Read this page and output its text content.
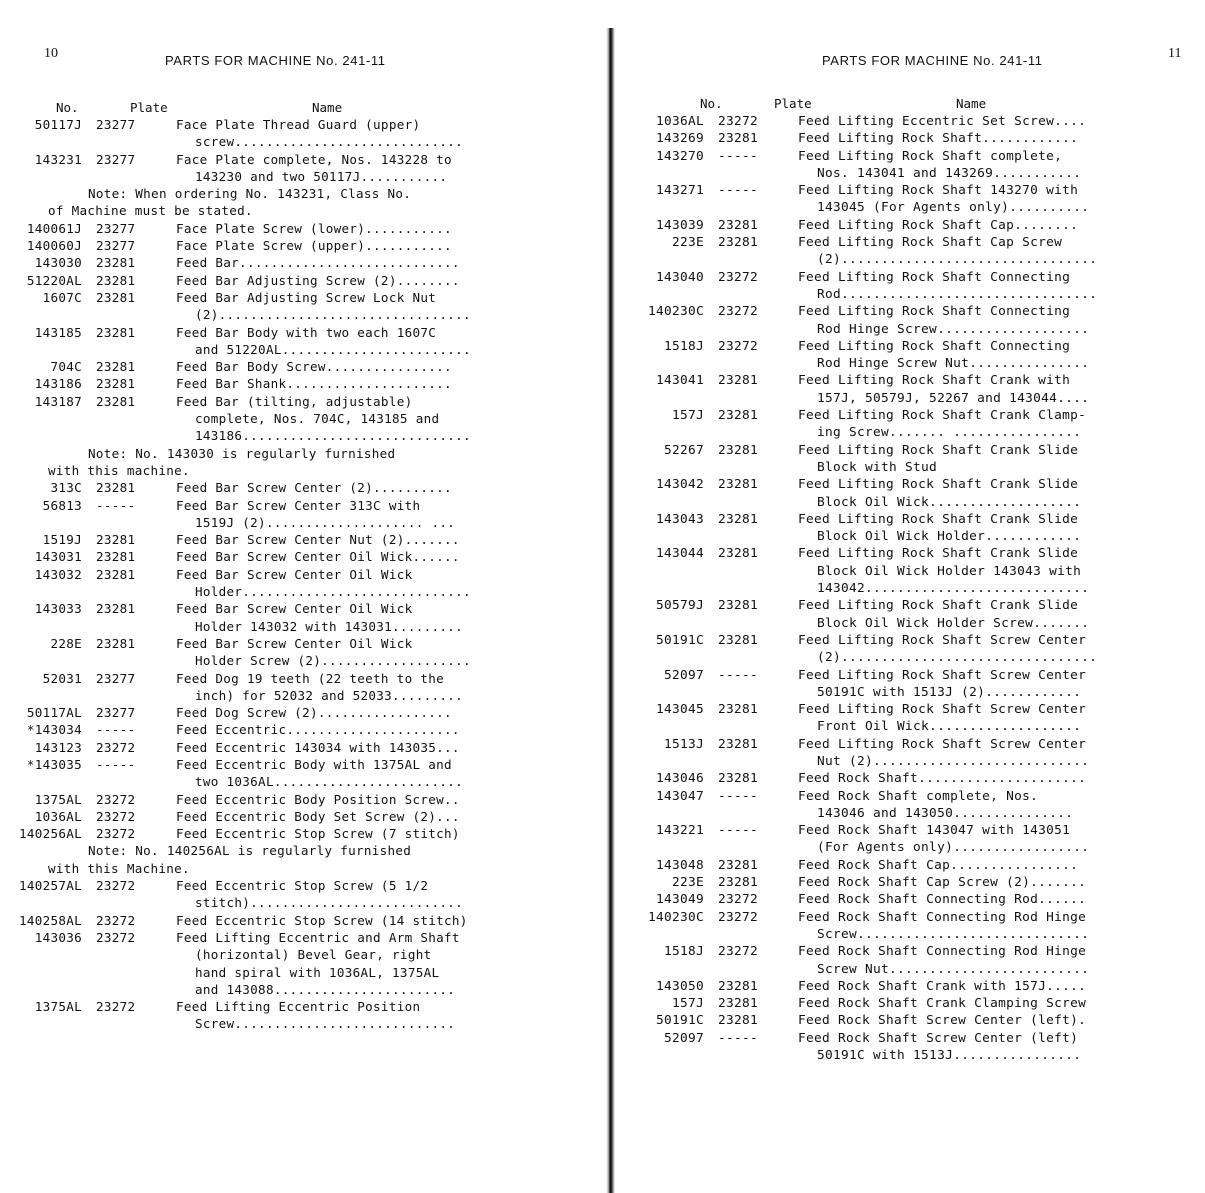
10	PARTS FOR MACHINE No. 241-11
No.	Plate	Name
50117J	23277	Face Plate Thread Guard (upper)
screw.............................
143231	23277	Face Plate complete, Nos. 143228 to
143230 and two 50117J...........
Note: When ordering No. 143231, Class No.
of Machine must be stated.
140061J	23277	Face Plate Screw (lower)...........
140060J	23277	Face Plate Screw (upper)...........
143030	23281	Feed Bar............................
51220AL	23281	Feed Bar Adjusting Screw (2)........
1607C	23281	Feed Bar Adjusting Screw Lock Nut
(2)................................
143185	23281	Feed Bar Body with two each 1607C
and 51220AL........................
704C	23281	Feed Bar Body Screw................
143186	23281	Feed Bar Shank.....................
143187	23281	Feed Bar (tilting, adjustable)
complete, Nos. 704C, 143185 and
143186.............................
Note: No. 143030 is regularly furnished
with this machine.
313C	23281	Feed Bar Screw Center (2)..........
56813	-----	Feed Bar Screw Center 313C with
1519J (2).................... ...
1519J	23281	Feed Bar Screw Center Nut (2).......
143031	23281	Feed Bar Screw Center Oil Wick......
143032	23281	Feed Bar Screw Center Oil Wick
Holder.............................
143033	23281	Feed Bar Screw Center Oil Wick
Holder 143032 with 143031.........
228E	23281	Feed Bar Screw Center Oil Wick
Holder Screw (2)...................
52031	23277	Feed Dog 19 teeth (22 teeth to the
inch) for 52032 and 52033.........
50117AL	23277	Feed Dog Screw (2).................
*143034	-----	Feed Eccentric......................
143123	23272	Feed Eccentric 143034 with 143035...
*143035	-----	Feed Eccentric Body with 1375AL and
two 1036AL........................
1375AL	23272	Feed Eccentric Body Position Screw..
1036AL	23272	Feed Eccentric Body Set Screw (2)...
140256AL	23272	Feed Eccentric Stop Screw (7 stitch)
Note: No. 140256AL is regularly furnished
with this Machine.
140257AL	23272	Feed Eccentric Stop Screw (5 1/2
stitch)...........................
140258AL	23272	Feed Eccentric Stop Screw (14 stitch)
143036	23272	Feed Lifting Eccentric and Arm Shaft
(horizontal) Bevel Gear, right
hand spiral with 1036AL, 1375AL
and 143088.......................
1375AL	23272	Feed Lifting Eccentric Position
Screw............................
11
PARTS FOR MACHINE No. 241-11
No.	Plate	Name
1036AL	23272	Feed Lifting Eccentric Set Screw....
143269	23281	Feed Lifting Rock Shaft............
143270	-----	Feed Lifting Rock Shaft complete,
Nos. 143041 and 143269...........
143271	-----	Feed Lifting Rock Shaft 143270 with
143045 (For Agents only)..........
143039	23281	Feed Lifting Rock Shaft Cap........
223E	23281	Feed Lifting Rock Shaft Cap Screw
(2)................................
143040	23272	Feed Lifting Rock Shaft Connecting
Rod................................
140230C	23272	Feed Lifting Rock Shaft Connecting
Rod Hinge Screw...................
1518J	23272	Feed Lifting Rock Shaft Connecting
Rod Hinge Screw Nut...............
143041	23281	Feed Lifting Rock Shaft Crank with
157J, 50579J, 52267 and 143044....
157J	23281	Feed Lifting Rock Shaft Crank Clamp-
ing Screw....... ................
52267	23281	Feed Lifting Rock Shaft Crank Slide
Block with Stud
143042	23281	Feed Lifting Rock Shaft Crank Slide
Block Oil Wick...................
143043	23281	Feed Lifting Rock Shaft Crank Slide
Block Oil Wick Holder............
143044	23281	Feed Lifting Rock Shaft Crank Slide
Block Oil Wick Holder 143043 with
143042............................
50579J	23281	Feed Lifting Rock Shaft Crank Slide
Block Oil Wick Holder Screw.......
50191C	23281	Feed Lifting Rock Shaft Screw Center
(2)................................
52097	-----	Feed Lifting Rock Shaft Screw Center
50191C with 1513J (2)............
143045	23281	Feed Lifting Rock Shaft Screw Center
Front Oil Wick...................
1513J	23281	Feed Lifting Rock Shaft Screw Center
Nut (2)...........................
143046	23281	Feed Rock Shaft.....................
143047	-----	Feed Rock Shaft complete, Nos.
143046 and 143050...............
143221	-----	Feed Rock Shaft 143047 with 143051
(For Agents only).................
143048	23281	Feed Rock Shaft Cap................
223E	23281	Feed Rock Shaft Cap Screw (2).......
143049	23272	Feed Rock Shaft Connecting Rod......
140230C	23272	Feed Rock Shaft Connecting Rod Hinge
Screw.............................
1518J	23272	Feed Rock Shaft Connecting Rod Hinge
Screw Nut.........................
143050	23281	Feed Rock Shaft Crank with 157J.....
157J	23281	Feed Rock Shaft Crank Clamping Screw
50191C	23281	Feed Rock Shaft Screw Center (left).
52097	-----	Feed Rock Shaft Screw Center (left)
50191C with 1513J................
